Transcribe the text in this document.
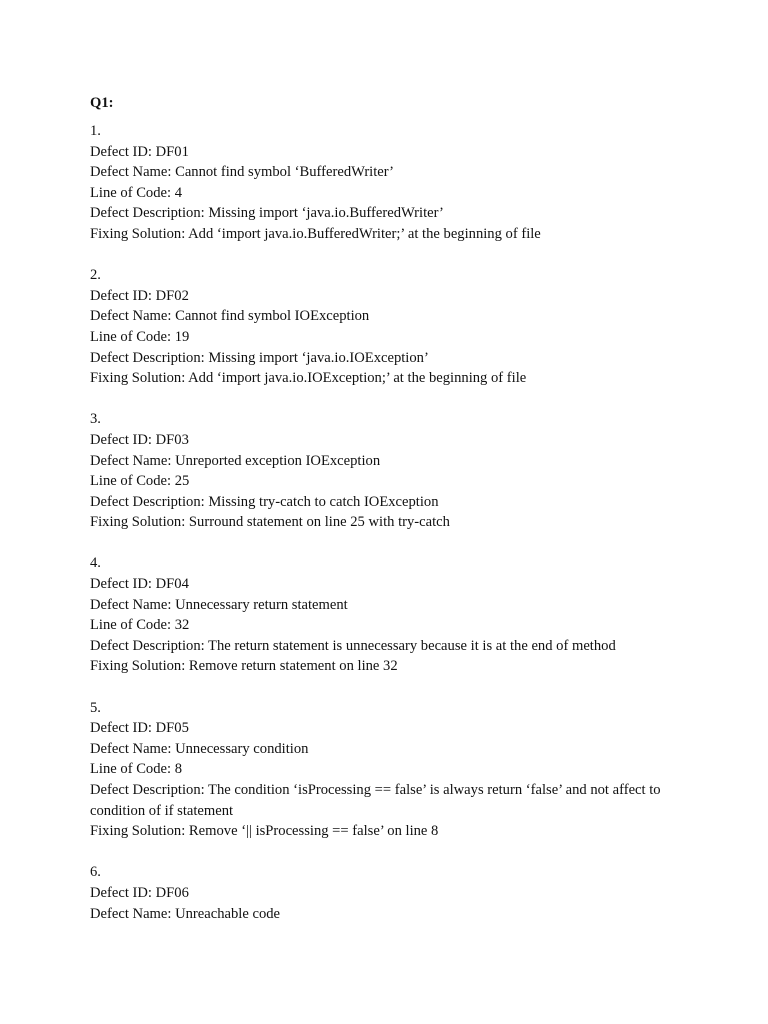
Q1:
1.
Defect ID: DF01
Defect Name: Cannot find symbol ‘BufferedWriter’
Line of Code: 4
Defect Description: Missing import ‘java.io.BufferedWriter’
Fixing Solution: Add ‘import java.io.BufferedWriter;’ at the beginning of file
2.
Defect ID: DF02
Defect Name: Cannot find symbol IOException
Line of Code: 19
Defect Description: Missing import ‘java.io.IOException’
Fixing Solution: Add ‘import java.io.IOException;’ at the beginning of file
3.
Defect ID: DF03
Defect Name: Unreported exception IOException
Line of Code: 25
Defect Description: Missing try-catch to catch IOException
Fixing Solution: Surround statement on line 25 with try-catch
4.
Defect ID: DF04
Defect Name: Unnecessary return statement
Line of Code: 32
Defect Description: The return statement is unnecessary because it is at the end of method
Fixing Solution: Remove return statement on line 32
5.
Defect ID: DF05
Defect Name: Unnecessary condition
Line of Code: 8
Defect Description: The condition ‘isProcessing == false’ is always return ‘false’ and not affect to condition of if statement
Fixing Solution: Remove ‘|| isProcessing == false’ on line 8
6.
Defect ID: DF06
Defect Name: Unreachable code
